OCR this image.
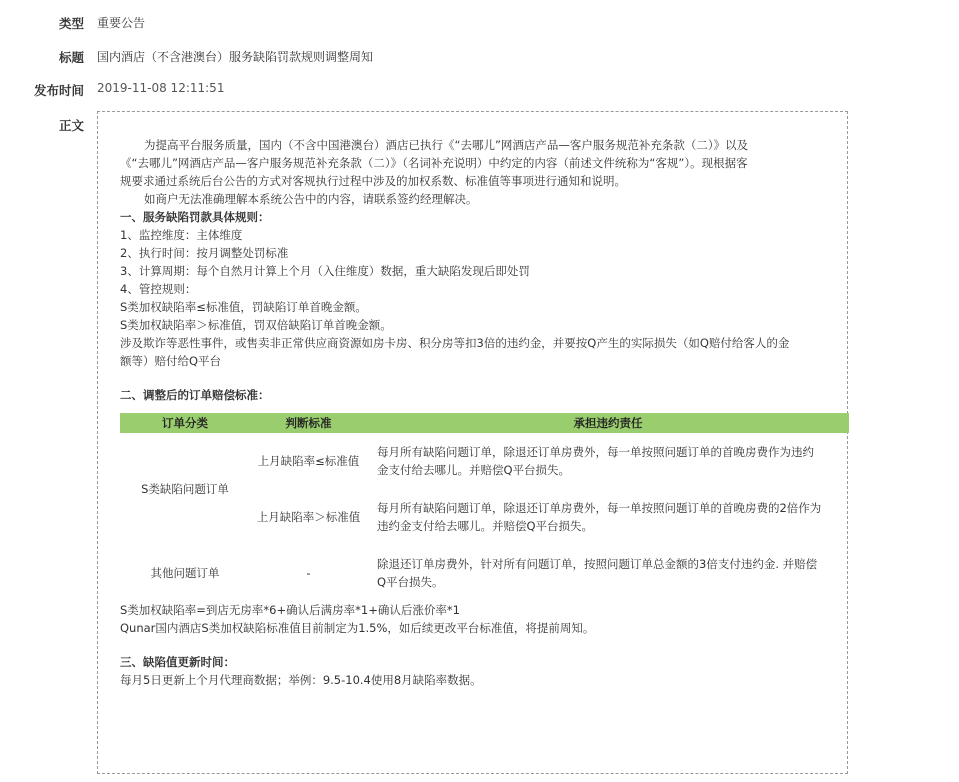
类型 重要公告
标题 国内酒店（不含港澳台）服务缺陷罚款规则调整周知
发布时间 2019-11-08 12:11:51
正文

为提高平台服务质量，国内（不含中国港澳台）酒店已执行《“去哪儿”网酒店产品—客户服务规范补充条款（二）》以及

《“去哪儿”网酒店产品—客户服务规范补充条款（二）》（名词补充说明）中约定的内容（前述文件统称为“客规”）。现根据客

规要求通过系统后台公告的方式对客规执行过程中涉及的加权系数、标准值等事项进行通知和说明。

如商户无法准确理解本系统公告中的内容，请联系签约经理解决。

一、服务缺陷罚款具体规则：

1、监控维度：主体维度

2、执行时间：按月调整处罚标准

3、计算周期：每个自然月计算上个月（入住维度）数据，重大缺陷发现后即处罚

4、管控规则：

S类加权缺陷率≤标准值，罚缺陷订单首晚金额。

S类加权缺陷率＞标准值，罚双倍缺陷订单首晚金额。

涉及欺诈等恶性事件，或售卖非正常供应商资源如房卡房、积分房等扣3倍的违约金，并要按Q产生的实际损失（如Q赔付给客人的金

额等）赔付给Q平台

二、调整后的订单赔偿标准：

订单分类	判断标准	承担违约责任
S类缺陷问题订单	上月缺陷率≤标准值	每月所有缺陷问题订单，除退还订单房费外，每一单按照问题订单的首晚房费作为违约
金支付给去哪儿。并赔偿Q平台损失。

	上月缺陷率＞标准值	每月所有缺陷问题订单，除退还订单房费外，每一单按照问题订单的首晚房费的2倍作为
违约金支付给去哪儿。并赔偿Q平台损失。

其他问题订单	-	除退还订单房费外，针对所有问题订单，按照问题订单总金额的3倍支付违约金. 并赔偿
Q平台损失。

S类加权缺陷率=到店无房率*6+确认后满房率*1+确认后涨价率*1

Qunar国内酒店S类加权缺陷标准值目前制定为1.5%，如后续更改平台标准值，将提前周知。

三、缺陷值更新时间：

每月5日更新上个月代理商数据；举例：9.5-10.4使用8月缺陷率数据。
